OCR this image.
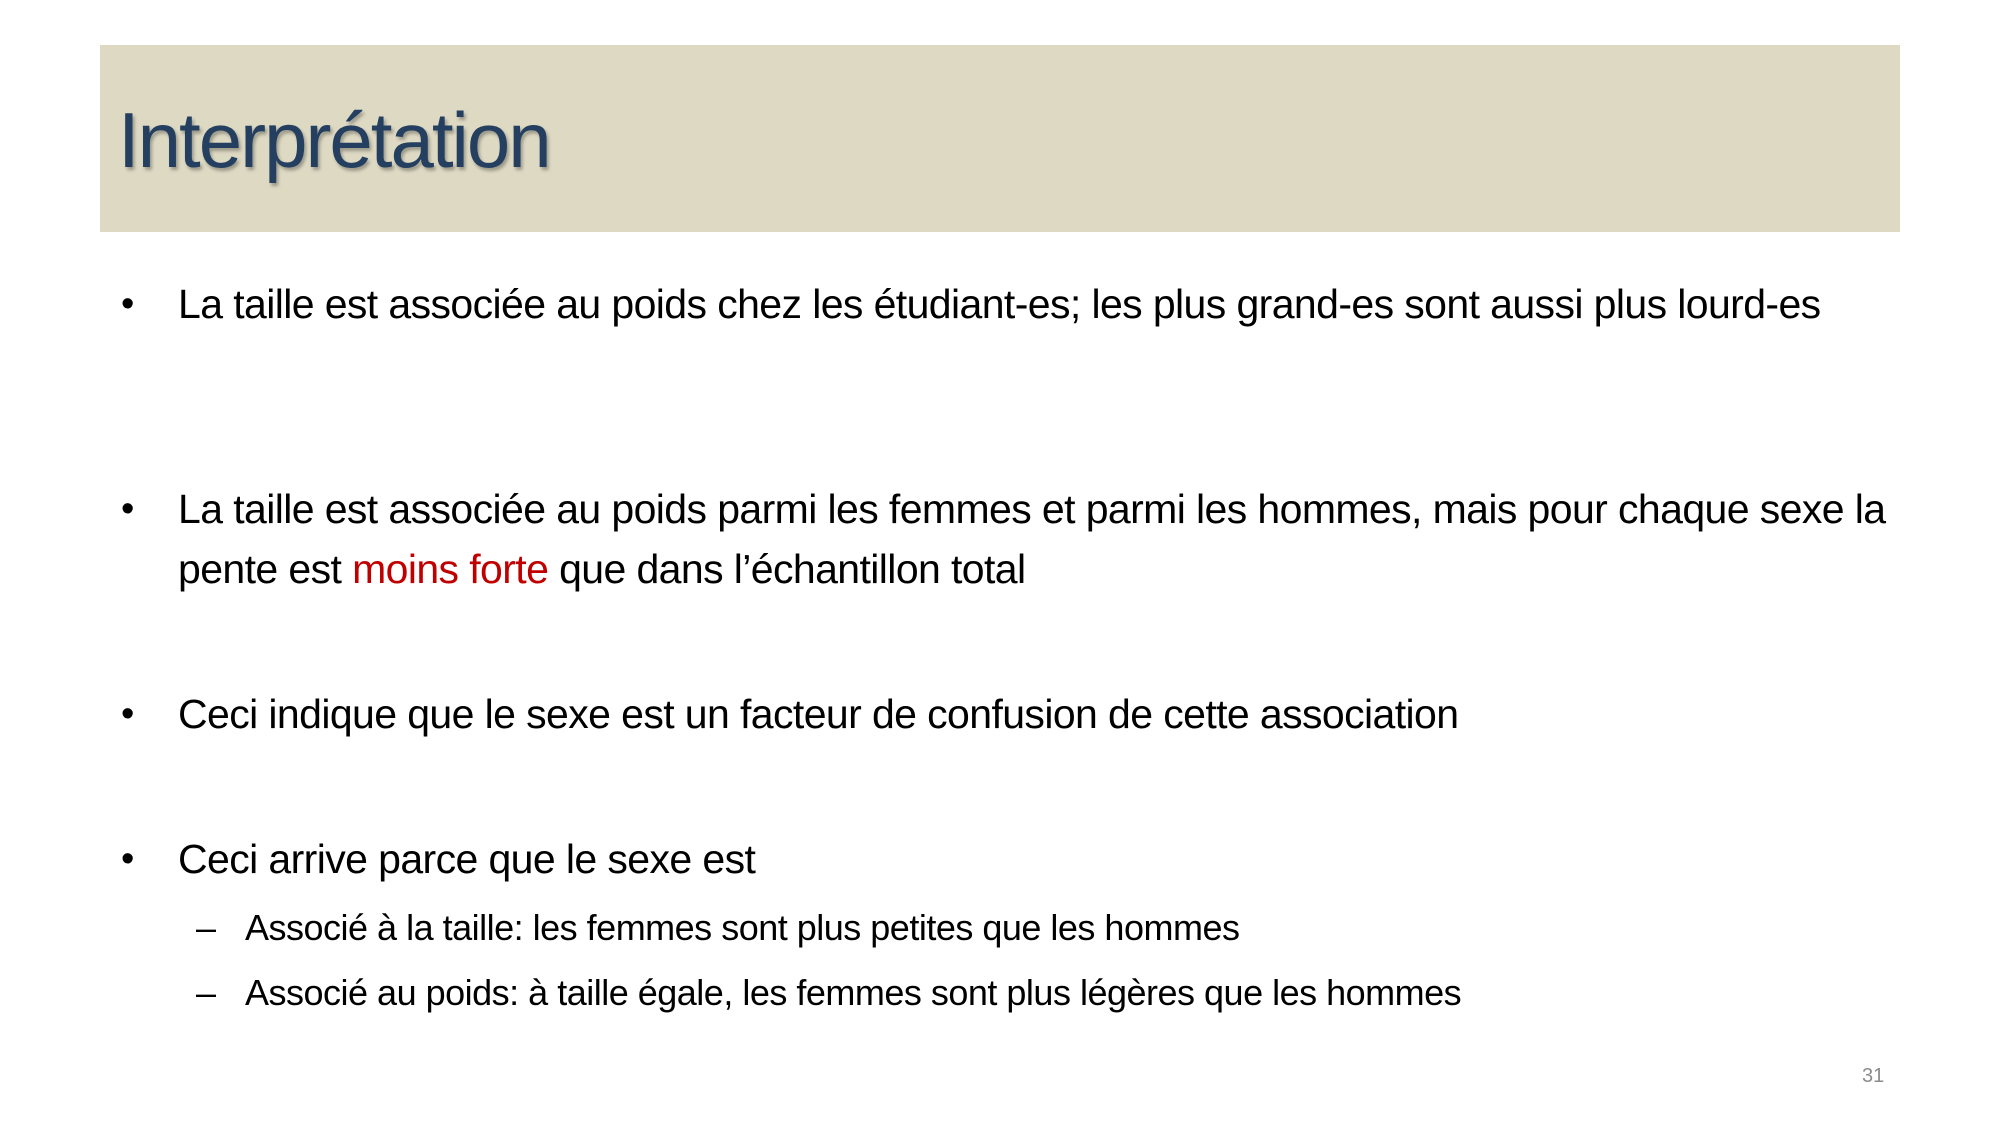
Interprétation
• La taille est associée au poids chez les étudiant-es; les plus grand-es sont aussi plus lourd-es
• La taille est associée au poids parmi les femmes et parmi les hommes, mais pour chaque sexe la pente est moins forte que dans l’échantillon total
• Ceci indique que le sexe est un facteur de confusion de cette association
• Ceci arrive parce que le sexe est
– Associé à la taille: les femmes sont plus petites que les hommes
– Associé au poids: à taille égale, les femmes sont plus légères que les hommes
31
